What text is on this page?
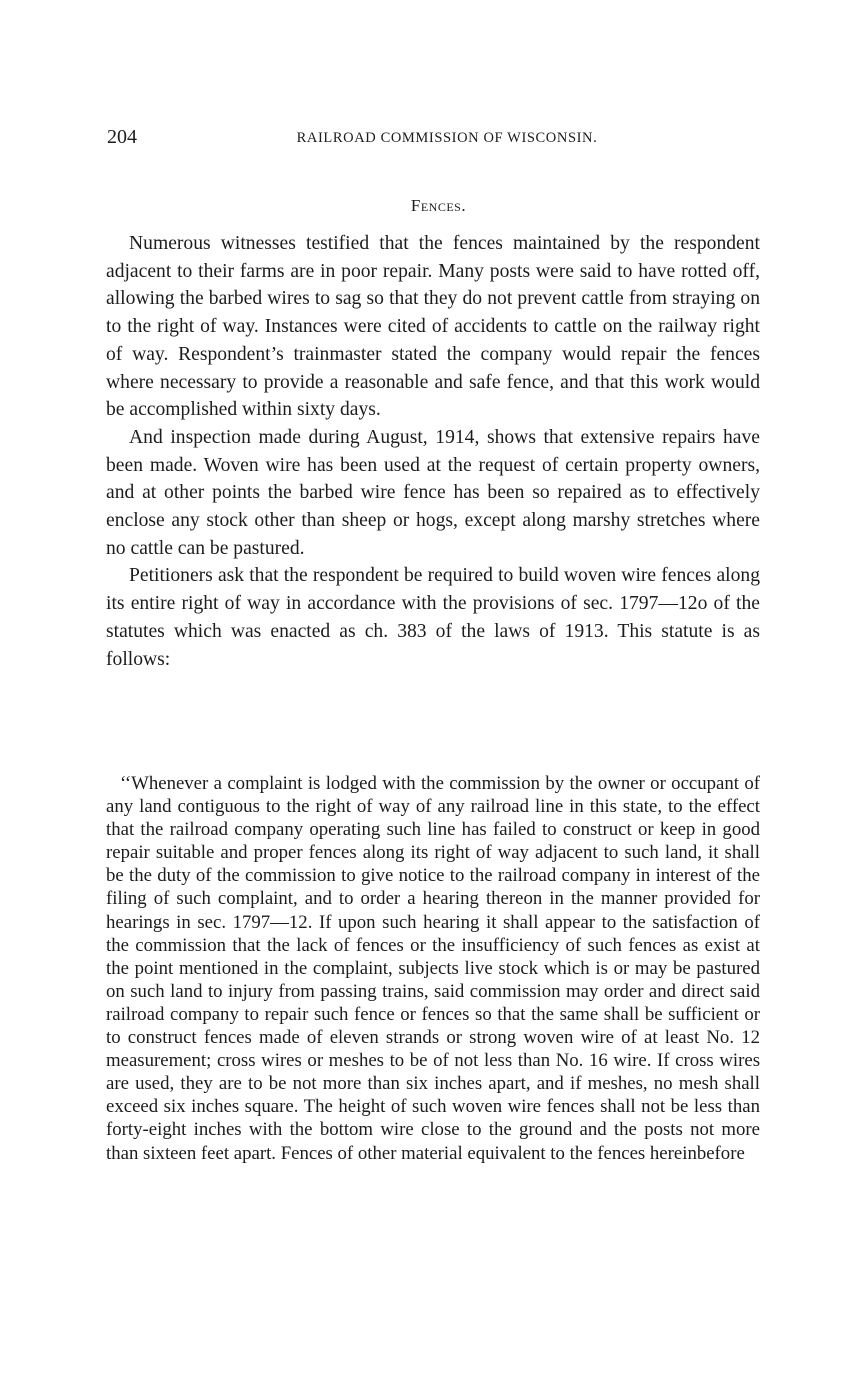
204	RAILROAD COMMISSION OF WISCONSIN.
Fences.

Numerous witnesses testified that the fences maintained by the respondent adjacent to their farms are in poor repair. Many posts were said to have rotted off, allowing the barbed wires to sag so that they do not prevent cattle from straying on to the right of way. Instances were cited of accidents to cattle on the railway right of way. Respondent’s trainmaster stated the company would repair the fences where necessary to provide a reasonable and safe fence, and that this work would be accomplished within sixty days.

And inspection made during August, 1914, shows that extensive repairs have been made. Woven wire has been used at the request of certain property owners, and at other points the barbed wire fence has been so repaired as to effectively enclose any stock other than sheep or hogs, except along marshy stretches where no cattle can be pastured.

Petitioners ask that the respondent be required to build woven wire fences along its entire right of way in accordance with the provisions of sec. 1797—12o of the statutes which was enacted as ch. 383 of the laws of 1913. This statute is as follows:

‘‘Whenever a complaint is lodged with the commission by the owner or occupant of any land contiguous to the right of way of any railroad line in this state, to the effect that the railroad company operating such line has failed to construct or keep in good repair suitable and proper fences along its right of way adjacent to such land, it shall be the duty of the commission to give notice to the railroad company in interest of the filing of such complaint, and to order a hearing thereon in the manner provided for hearings in sec. 1797—12. If upon such hearing it shall appear to the satisfaction of the commission that the lack of fences or the insufficiency of such fences as exist at the point mentioned in the complaint, subjects live stock which is or may be pastured on such land to injury from passing trains, said commission may order and direct said railroad company to repair such fence or fences so that the same shall be sufficient or to construct fences made of eleven strands or strong woven wire of at least No. 12 measurement; cross wires or meshes to be of not less than No. 16 wire. If cross wires are used, they are to be not more than six inches apart, and if meshes, no mesh shall exceed six inches square. The height of such woven wire fences shall not be less than forty-eight inches with the bottom wire close to the ground and the posts not more than sixteen feet apart. Fences of other material equivalent to the fences hereinbefore
